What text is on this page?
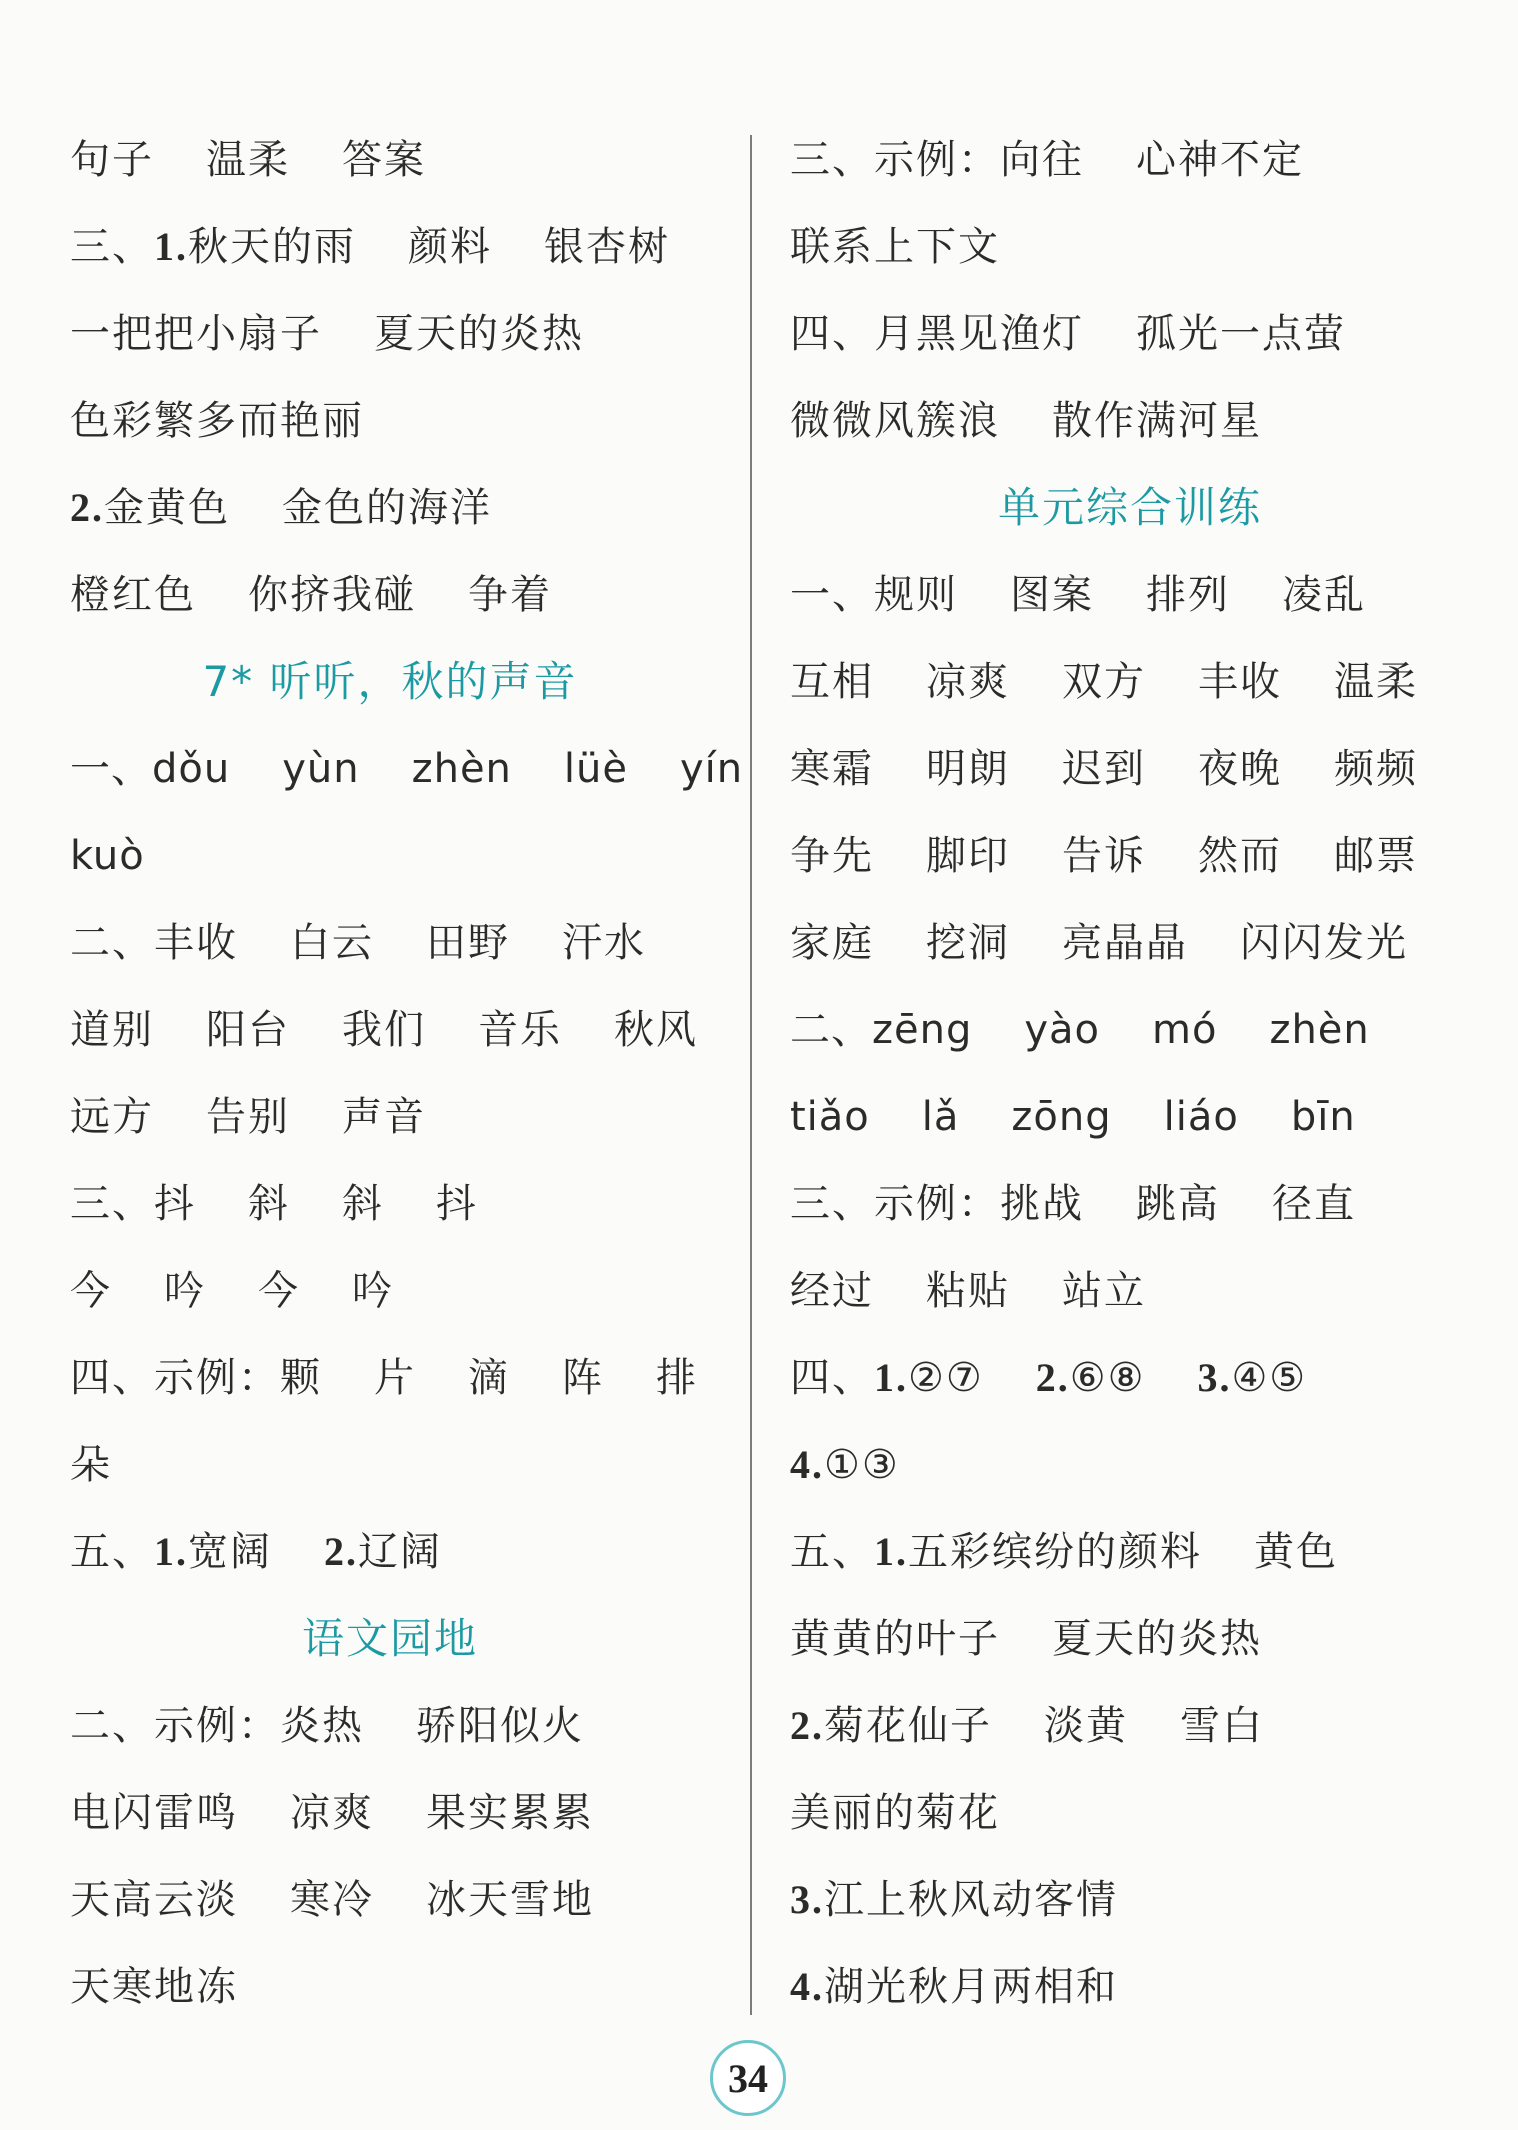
句子 温柔 答案
三、1.秋天的雨 颜料 银杏树
一把把小扇子 夏天的炎热
色彩繁多而艳丽
2.金黄色 金色的海洋
橙红色 你挤我碰 争着
7* 听听，秋的声音
一、dǒu yùn zhèn lüè yín
kuò
二、丰收 白云 田野 汗水
道别 阳台 我们 音乐 秋风
远方 告别 声音
三、抖 斜 斜 抖
今 吟 今 吟
四、示例：颗 片 滴 阵 排
朵
五、1.宽阔 2.辽阔
语文园地
二、示例：炎热 骄阳似火
电闪雷鸣 凉爽 果实累累
天高云淡 寒冷 冰天雪地
天寒地冻
三、示例：向往 心神不定
联系上下文
四、月黑见渔灯 孤光一点萤
微微风簇浪 散作满河星
单元综合训练
一、规则 图案 排列 凌乱
互相 凉爽 双方 丰收 温柔
寒霜 明朗 迟到 夜晚 频频
争先 脚印 告诉 然而 邮票
家庭 挖洞 亮晶晶 闪闪发光
二、zēng yào mó zhèn
tiǎo lǎ zōng liáo bīn
三、示例：挑战 跳高 径直
经过 粘贴 站立
四、1.②⑦ 2.⑥⑧ 3.④⑤
4.①③
五、1.五彩缤纷的颜料 黄色
黄黄的叶子 夏天的炎热
2.菊花仙子 淡黄 雪白
美丽的菊花
3.江上秋风动客情
4.湖光秋月两相和
34
